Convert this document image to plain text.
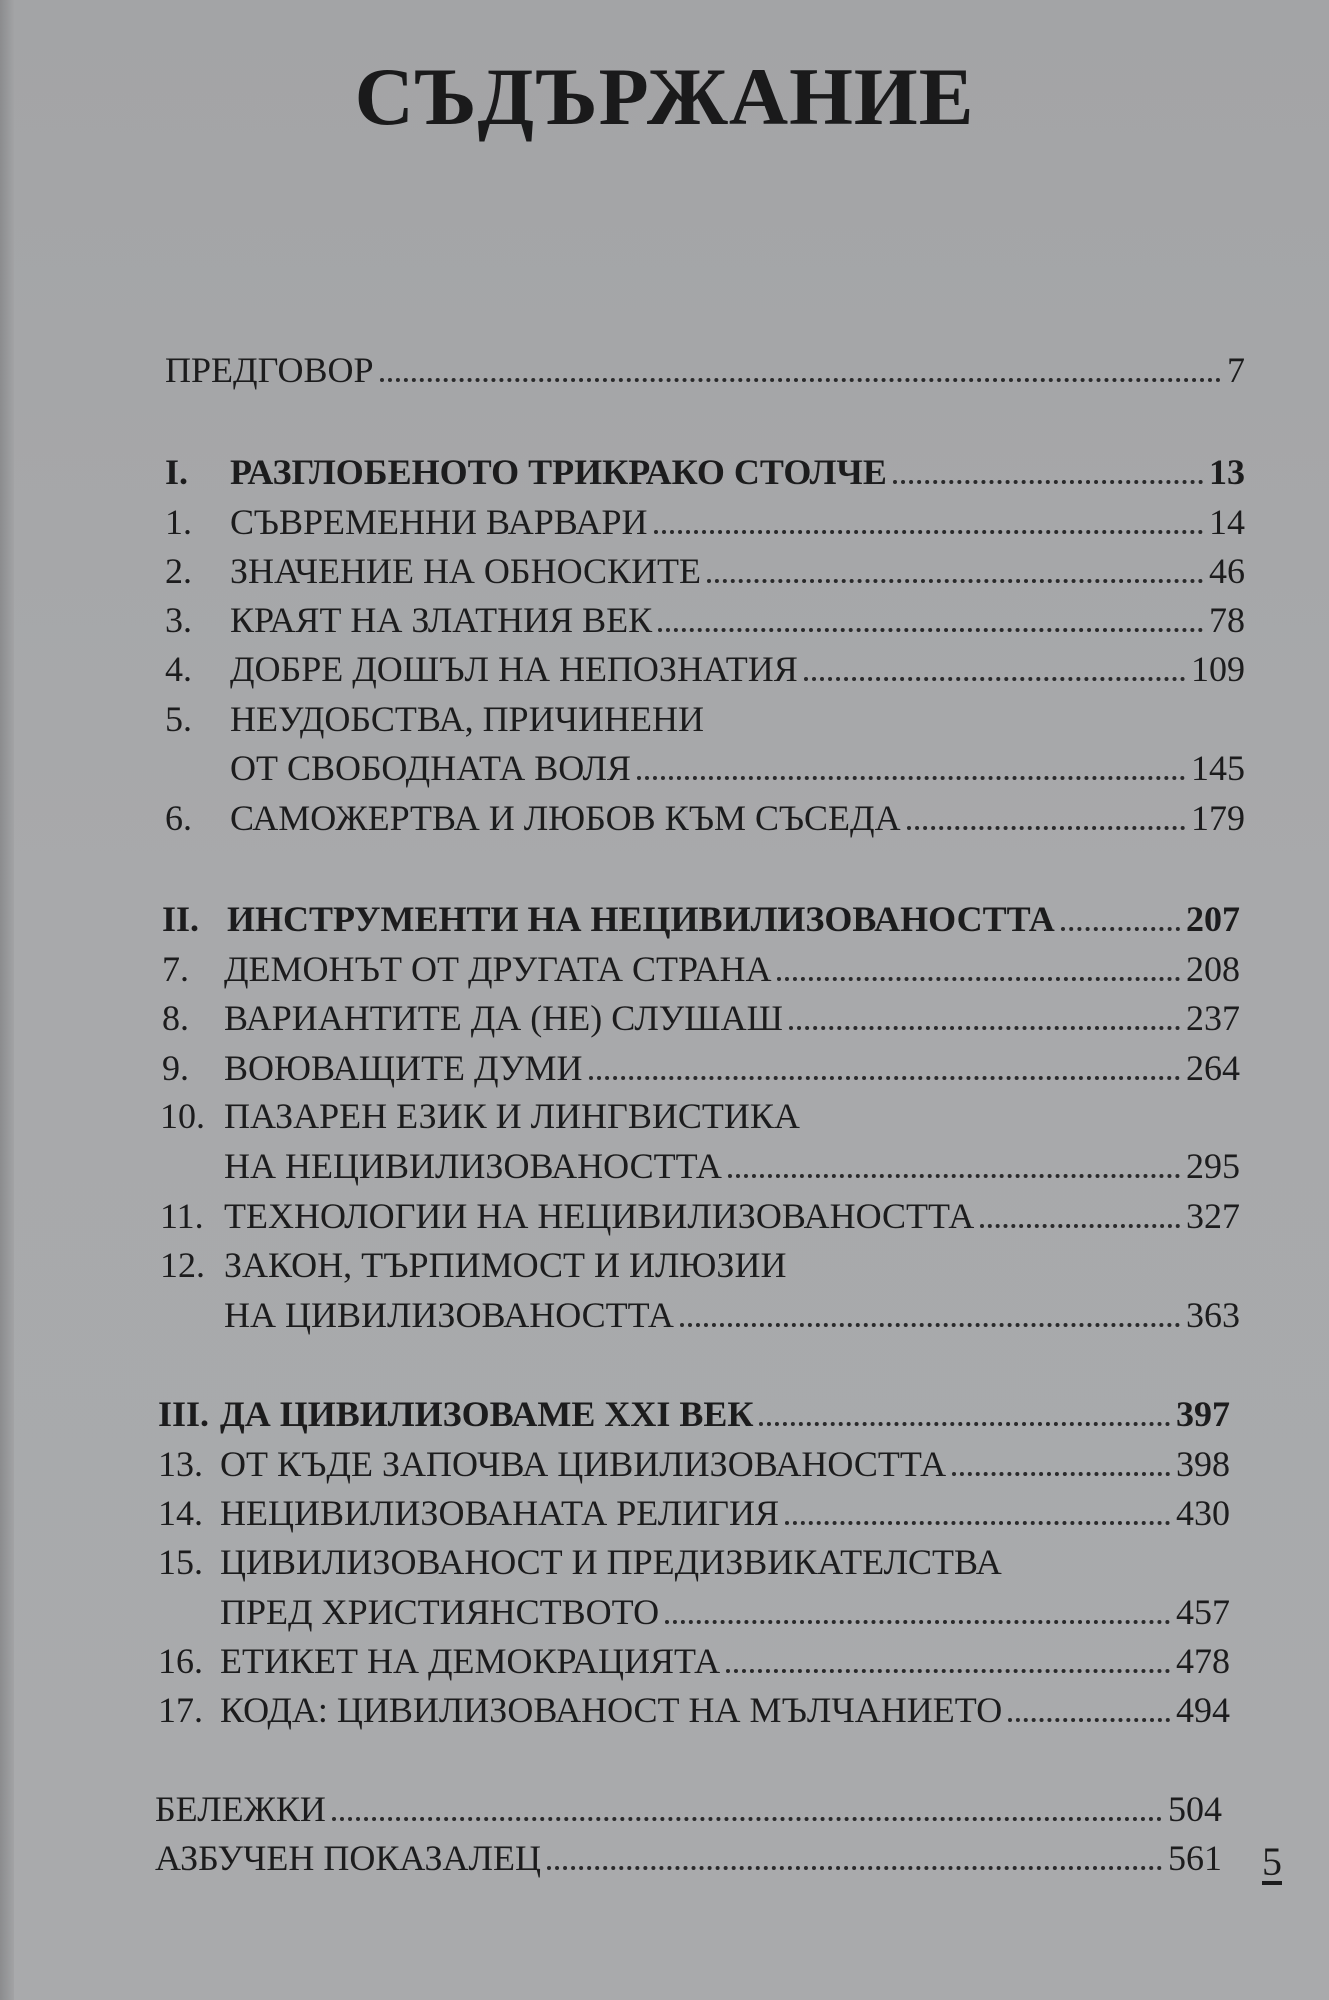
СЪДЪРЖАНИЕ
ПРЕДГОВОР	7
I.	РАЗГЛОБЕНОТО ТРИКРАКО СТОЛЧЕ	13
1.	СЪВРЕМЕННИ ВАРВАРИ	14
2.	ЗНАЧЕНИЕ НА ОБНОСКИТЕ	46
3.	КРАЯТ НА ЗЛАТНИЯ ВЕК	78
4.	ДОБРЕ ДОШЪЛ НА НЕПОЗНАТИЯ	109
5.	НЕУДОБСТВА, ПРИЧИНЕНИ
ОТ СВОБОДНАТА ВОЛЯ	145
6.	САМОЖЕРТВА И ЛЮБОВ КЪМ СЪСЕДА	179
II. ИНСТРУМЕНТИ НА НЕЦИВИЛИЗОВАНОСТТА	207
7. ДЕМОНЪТ ОТ ДРУГАТА СТРАНА	208
8. ВАРИАНТИТЕ ДА (НЕ) СЛУШАШ	237
9. ВОЮВАЩИТЕ ДУМИ	264
10. ПАЗАРЕН ЕЗИК И ЛИНГВИСТИКА
НА НЕЦИВИЛИЗОВАНОСТТА	295
11. ТЕХНОЛОГИИ НА НЕЦИВИЛИЗОВАНОСТТА	327
12. ЗАКОН, ТЪРПИМОСТ И ИЛЮЗИИ
НА ЦИВИЛИЗОВАНОСТТА	363
III. ДА ЦИВИЛИЗОВАМЕ XXI ВЕК	397
13. ОТ КЪДЕ ЗАПОЧВА ЦИВИЛИЗОВАНОСТТА	398
14. НЕЦИВИЛИЗОВАНАТА РЕЛИГИЯ	430
15. ЦИВИЛИЗОВАНОСТ И ПРЕДИЗВИКАТЕЛСТВА
ПРЕД ХРИСТИЯНСТВОТО	457
16. ЕТИКЕТ НА ДЕМОКРАЦИЯТА	478
17. КОДА: ЦИВИЛИЗОВАНОСТ НА МЪЛЧАНИЕТО	494
БЕЛЕЖКИ	504
АЗБУЧЕН ПОКАЗАЛЕЦ	561 5
